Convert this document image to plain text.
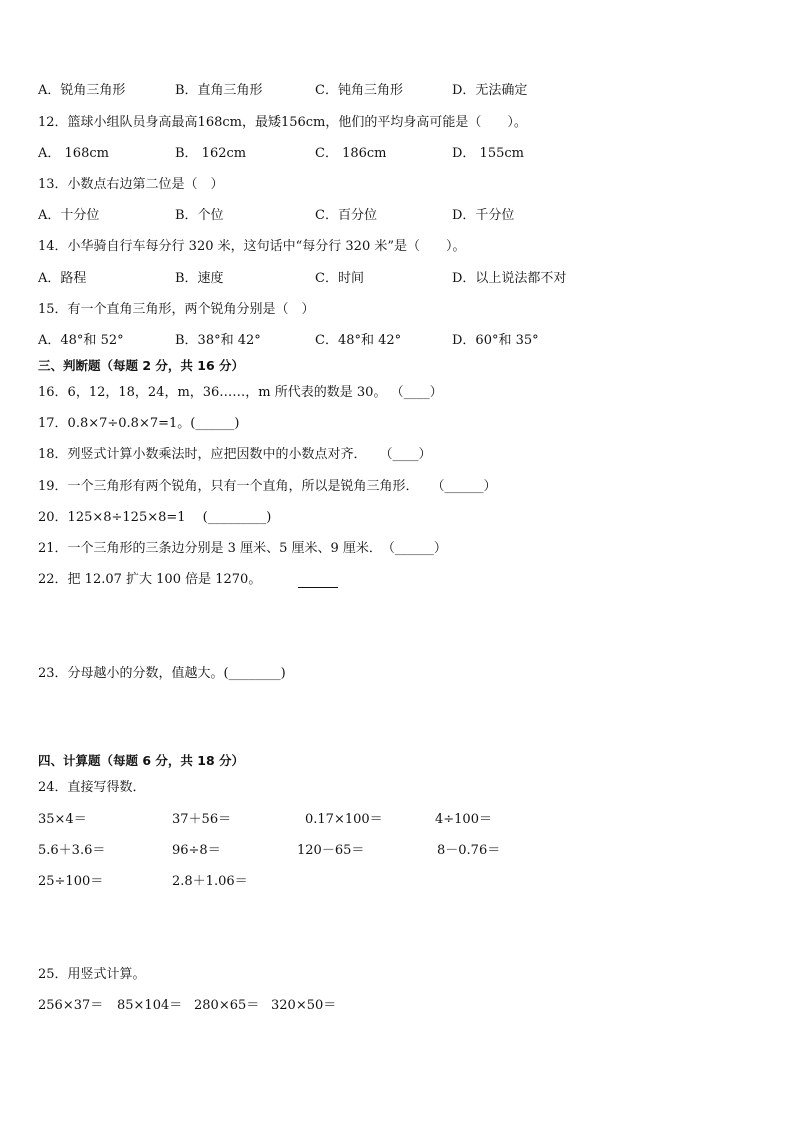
A．锐角三角形	B．直角三角形	C．钝角三角形	D．无法确定
12．篮球小组队员身高最高168cm，最矮156cm，他们的平均身高可能是（　　）。
A． 168cm	B． 162cm	C． 186cm	D． 155cm
13．小数点右边第二位是（　）
A．十分位	B．个位	C．百分位	D．千分位
14．小华骑自行车每分行 320 米，这句话中“每分行 320 米”是（　　）。
A．路程	B．速度	C．时间	D．以上说法都不对
15．有一个直角三角形，两个锐角分别是（　）
A．48°和 52°	B．38°和 42°	C．48°和 42°	D．60°和 35°
三、判断题（每题 2 分，共 16 分）
16．6，12，18，24，m，36……，m 所代表的数是 30。 （____）
17．0.8×7÷0.8×7=1。(______)
18．列竖式计算小数乘法时，应把因数中的小数点对齐．　　（____）
19．一个三角形有两个锐角，只有一个直角，所以是锐角三角形．　　（______）
20．125×8÷125×8=1　 (_________)
21．一个三角形的三条边分别是 3 厘米、5 厘米、9 厘米．　（______）
22．把 12.07 扩大 100 倍是 1270。
23．分母越小的分数，值越大。(________)
四、计算题（每题 6 分，共 18 分）
24．直接写得数．
35×4＝	37＋56＝	0.17×100＝	4÷100＝
5.6＋3.6＝	96÷8＝	120－65＝	8－0.76＝
25÷100＝	2.8＋1.06＝
25．用竖式计算。
256×37＝ 85×104＝ 280×65＝ 320×50＝
